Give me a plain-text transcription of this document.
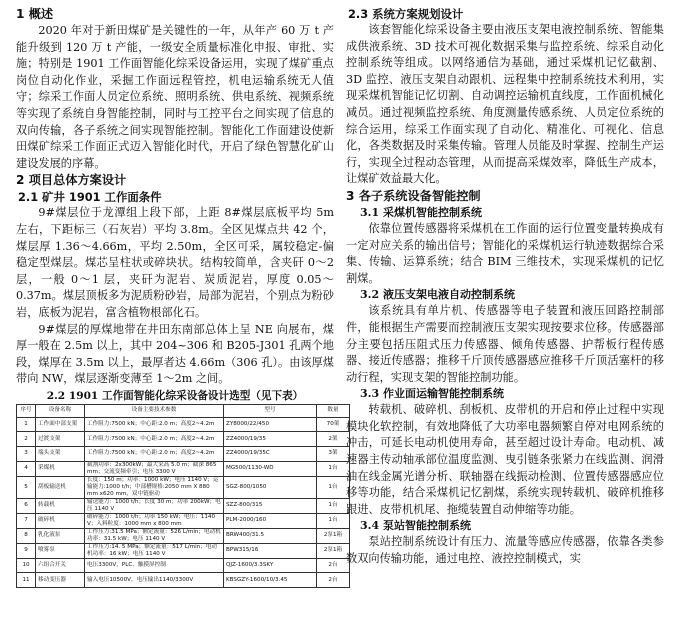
1 概述

2020 年对于新田煤矿是关键性的一年，从年产 60 万 t 产能升级到 120 万 t 产能，一级安全质量标准化申报、审批、实施；特别是 1901 工作面智能化综采设备运用，实现了煤矿重点岗位自动化作业，采掘工作面远程管控，机电运输系统无人值守；综采工作面人员定位系统、照明系统、供电系统、视频系统等实现了系统自身智能控制，同时与工控平台之间实现了信息的双向传输，各子系统之间实现智能控制。智能化工作面建设使新田煤矿综采工作面正式迈入智能化时代，开启了绿色智慧化矿山建设发展的序幕。

2 项目总体方案设计
2.1 矿井 1901 工作面条件

9#煤层位于龙潭组上段下部，上距 8#煤层底板平均 5m 左右，下距标三（石灰岩）平均 3.8m。全区见煤点共 42 个，煤层厚 1.36～4.66m，平均 2.50m，全区可采，属较稳定-偏稳定型煤层。煤芯呈柱状或碎块状。结构较简单，含夹矸 0～2 层，一般 0～1 层，夹矸为泥岩、炭质泥岩，厚度 0.05～0.37m。煤层顶板多为泥质粉砂岩，局部为泥岩，个别点为粉砂岩，底板为泥岩，富含植物根部化石。

9#煤层的厚煤地带在井田东南部总体上呈 NE 向展布，煤厚一般在 2.5m 以上，其中 204~306 和 B205-J301 孔两个地段，煤厚在 3.5m 以上，最厚者达 4.66m（306 孔）。由该厚煤带向 NW，煤层逐渐变薄至 1～2m 之间。

2.2 1901 工作面智能化综采设备设计选型（见下表）
序号	设备名称	设备主要技术参数	型号	数量
1	工作面中部支架	工作阻力:7500 kN；中心距:2.0 m；高度2~4.2m	ZY8000/22/450	70架
2	过渡支架	工作阻力:7500 kN；中心距:2.0 m；高度2~4.2m	ZZ4000/19/35	2架
3	端头支架	工作阻力:7500 kN；中心距:2.0 m；高度2~4.2m	ZZ4000/19/35C	3架
4	采煤机	截割功率：2x300kW；最大采高 5.0 m；截深 865 mm；交流变频牵引；电压 3300 V	MG500/1130-WD	1台
5	刮板输送机	长度：150 m；功率：1000 kW；电压 1140 V；运输能力:1000 t/h；中部槽规格:2050 mm X 880 mm x620 mm，双中链驱动	SGZ-800/1050	1台
6	转载机	输送能力：1000 t/h；长度 30 m；功率 200kW；电压 1140 V	SZZ-800/315	1台
7	破碎机	破碎能力：1000 t/h；功率 150 kW；电压：1140 V；入料粒度：1000 mm x 800 mm	PLM-2000/160	1台
8	乳化液泵	工作压力:31.5 MPa；额定流量：526 L/min；电动机功率：31.5 kW；电压 1140 V	BRW400/31.5	2泵1箱
9	喷雾泵	工作压力:14. 5 MPa；额定流量：517 L/min；电动机功率：16 kW；电压 1140 V	BPW315/16	2泵1箱
10	六组合开关	电压3300V，PLC、触摸屏控制	QJZ-1600/3.3SKY	2台
11	移动变压器	输入电压10500V，电压输出1140/3300V	KBSGZY-1600/10/3.45	2台
2.3 系统方案规划设计

该套智能化综采设备主要由液压支架电液控制系统、智能集成供液系统、3D 技术可视化数据采集与监控系统、综采自动化控制系统等组成。以网络通信为基础，通过采煤机记忆截割、3D 监控、液压支架自动跟机、远程集中控制系统技术利用，实现采煤机智能记忆切割、自动调控运输机直线度，工作面机械化减员。通过视频监控系统、角度测量传感系统、人员定位系统的综合运用，综采工作面实现了自动化、精准化、可视化、信息化，各类数据及时采集传输。管理人员能及时掌握、控制生产运行，实现全过程动态管理，从而提高采煤效率，降低生产成本，让煤矿效益最大化。

3 各子系统设备智能控制
3.1 采煤机智能控制系统

依靠位置传感器将采煤机在工作面的运行位置变量转换成有一定对应关系的输出信号；智能化的采煤机运行轨迹数据综合采集、传输、运算系统；结合 BIM 三维技术，实现采煤机的记忆割煤。

3.2 液压支架电液自动控制系统

该系统具有单片机、传感器等电子装置和液压回路控制部件，能根据生产需要而控制液压支架实现按要求位移。传感器部分主要包括压阻式压力传感器、倾角传感器、护帮板行程传感器、接近传感器；推移千斤顶传感器感应推移千斤顶活塞杆的移动行程，实现支架的智能控制功能。

3.3 作业面运输智能控制系统

转载机、破碎机、刮板机、皮带机的开启和停止过程中实现模块化软控制，有效地降低了大功率电器频繁自停对电网系统的冲击，可延长电动机使用寿命，甚至超过设计寿命。电动机、减速器主传动轴承部位温度监测、曳引链条张紧力在线监测、润滑油在线金属光谱分析、联轴器在线振动检测、位置传感器感应位移等功能，结合采煤机记忆割煤，系统实现转载机、破碎机推移跟进、皮带机机尾、拖缆装置自动伸缩等功能。

3.4 泵站智能控制系统

泵站控制系统设计有压力、流量等感应传感器，依靠各类参数双向传输功能，通过电控、液控控制模式，实
